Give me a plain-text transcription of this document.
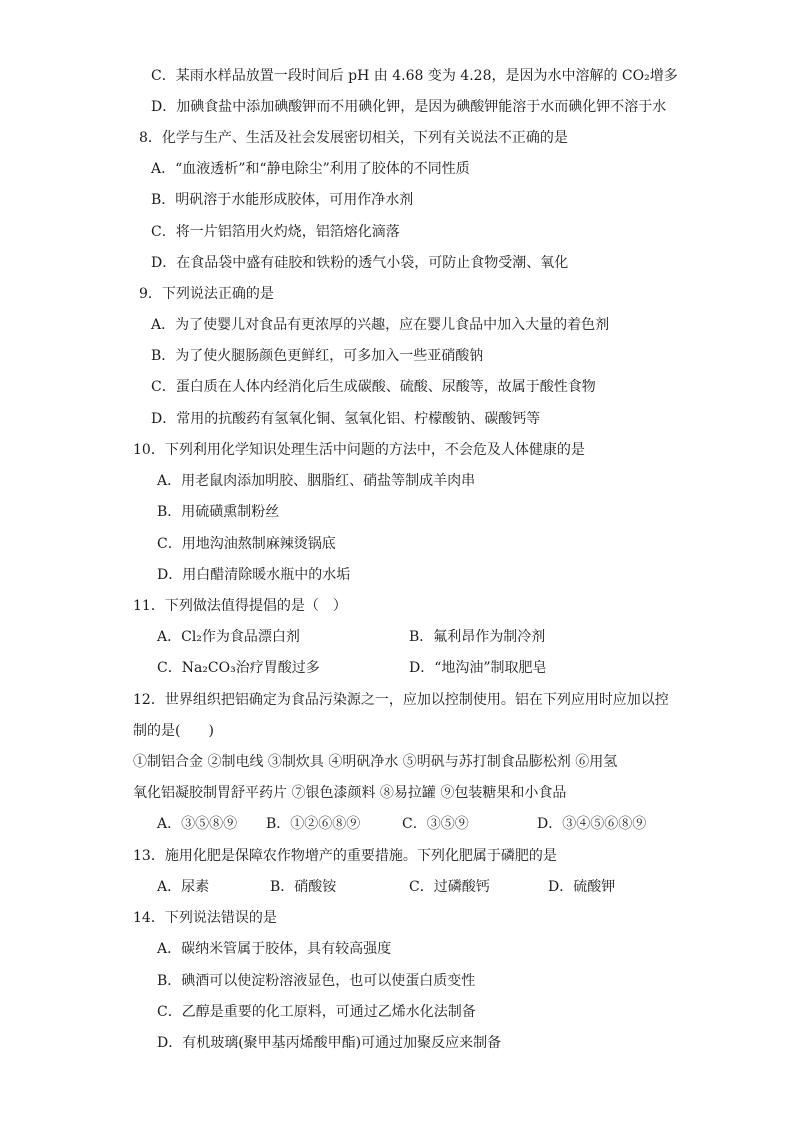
C．某雨水样品放置一段时间后 pH 由 4.68 变为 4.28，是因为水中溶解的 CO₂增多
D．加碘食盐中添加碘酸钾而不用碘化钾，是因为碘酸钾能溶于水而碘化钾不溶于水
8．化学与生产、生活及社会发展密切相关，下列有关说法不正确的是
A．“血液透析”和“静电除尘”利用了胶体的不同性质
B．明矾溶于水能形成胶体，可用作净水剂
C．将一片铝箔用火灼烧，铝箔熔化滴落
D．在食品袋中盛有硅胶和铁粉的透气小袋，可防止食物受潮、氧化
9．下列说法正确的是
A．为了使婴儿对食品有更浓厚的兴趣，应在婴儿食品中加入大量的着色剂
B．为了使火腿肠颜色更鲜红，可多加入一些亚硝酸钠
C．蛋白质在人体内经消化后生成碳酸、硫酸、尿酸等，故属于酸性食物
D．常用的抗酸药有氢氧化铜、氢氧化铝、柠檬酸钠、碳酸钙等
10．下列利用化学知识处理生活中问题的方法中，不会危及人体健康的是
A．用老鼠肉添加明胶、胭脂红、硝盐等制成羊肉串
B．用硫磺熏制粉丝
C．用地沟油熬制麻辣烫锅底
D．用白醋清除暖水瓶中的水垢
11．下列做法值得提倡的是（　）
A．Cl₂作为食品漂白剂	B．氟利昂作为制冷剂
C．Na₂CO₃治疗胃酸过多	D．“地沟油”制取肥皂
12．世界组织把铝确定为食品污染源之一，应加以控制使用。铝在下列应用时应加以控
制的是(　　)
①制铝合金 ②制电线 ③制炊具 ④明矾净水 ⑤明矾与苏打制食品膨松剂 ⑥用氢
氧化铝凝胶制胃舒平药片 ⑦银色漆颜料 ⑧易拉罐 ⑨包装糖果和小食品
A．③⑤⑧⑨ B．①②⑥⑧⑨	C．③⑤⑨	D．③④⑤⑥⑧⑨
13．施用化肥是保障农作物增产的重要措施。下列化肥属于磷肥的是
A．尿素	B．硝酸铵	C．过磷酸钙	D．硫酸钾
14．下列说法错误的是
A．碳纳米管属于胶体，具有较高强度
B．碘酒可以使淀粉溶液显色，也可以使蛋白质变性
C．乙醇是重要的化工原料，可通过乙烯水化法制备
D．有机玻璃(聚甲基丙烯酸甲酯)可通过加聚反应来制备
